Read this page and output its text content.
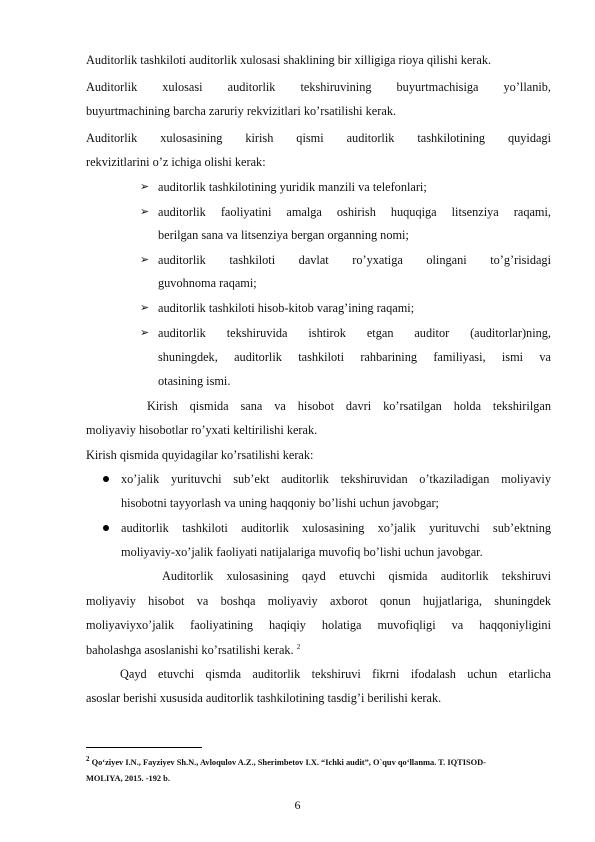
Auditorlik tashkiloti auditorlik xulosasi shaklining bir xilligiga rioya qilishi kerak.
Auditorlik xulosasi auditorlik tekshiruvining buyurtmachisiga yo’llanib,
buyurtmachining barcha zaruriy rekvizitlari ko’rsatilishi kerak.
Auditorlik xulosasining kirish qismi auditorlik tashkilotining quyidagi
rekvizitlarini o’z ichiga olishi kerak:
➢ auditorlik tashkilotining yuridik manzili va telefonlari;
➢ auditorlik faoliyatini amalga oshirish huquqiga litsenziya raqami,
berilgan sana va litsenziya bergan organning nomi;
➢ auditorlik tashkiloti davlat ro’yxatiga olingani to’g’risidagi
guvohnoma raqami;
➢ auditorlik tashkiloti hisob-kitob varag’ining raqami;
➢ auditorlik tekshiruvida ishtirok etgan auditor (auditorlar)ning,
shuningdek, auditorlik tashkiloti rahbarining familiyasi, ismi va
otasining ismi.
Kirish qismida sana va hisobot davri ko’rsatilgan holda tekshirilgan
moliyaviy hisobotlar ro’yxati keltirilishi kerak.
Kirish qismida quyidagilar ko’rsatilishi kerak:
xo’jalik yurituvchi sub’ekt auditorlik tekshiruvidan o’tkaziladigan moliyaviy
hisobotni tayyorlash va uning haqqoniy bo’lishi uchun javobgar;
auditorlik tashkiloti auditorlik xulosasining xo’jalik yurituvchi sub’ektning
moliyaviy-xo’jalik faoliyati natijalariga muvofiq bo’lishi uchun javobgar.
Auditorlik xulosasining qayd etuvchi qismida auditorlik tekshiruvi
moliyaviy hisobot va boshqa moliyaviy axborot qonun hujjatlariga, shuningdek
moliyaviyxo’jalik faoliyatining haqiqiy holatiga muvofiqligi va haqqoniyligini
baholashga asoslanishi ko’rsatilishi kerak. $^2$
Qayd etuvchi qismda auditorlik tekshiruvi fikrni ifodalash uchun etarlicha
asoslar berishi xususida auditorlik tashkilotining tasdig’i berilishi kerak.
$^2$ Qo‘ziyev I.N., Fayziyev Sh.N., Avloqulov A.Z., Sherimbetov I.X. “Ichki audit”, O`quv qo‘llanma. T. IQTISOD-
MOLIYA, 2015. -192 b.
6
